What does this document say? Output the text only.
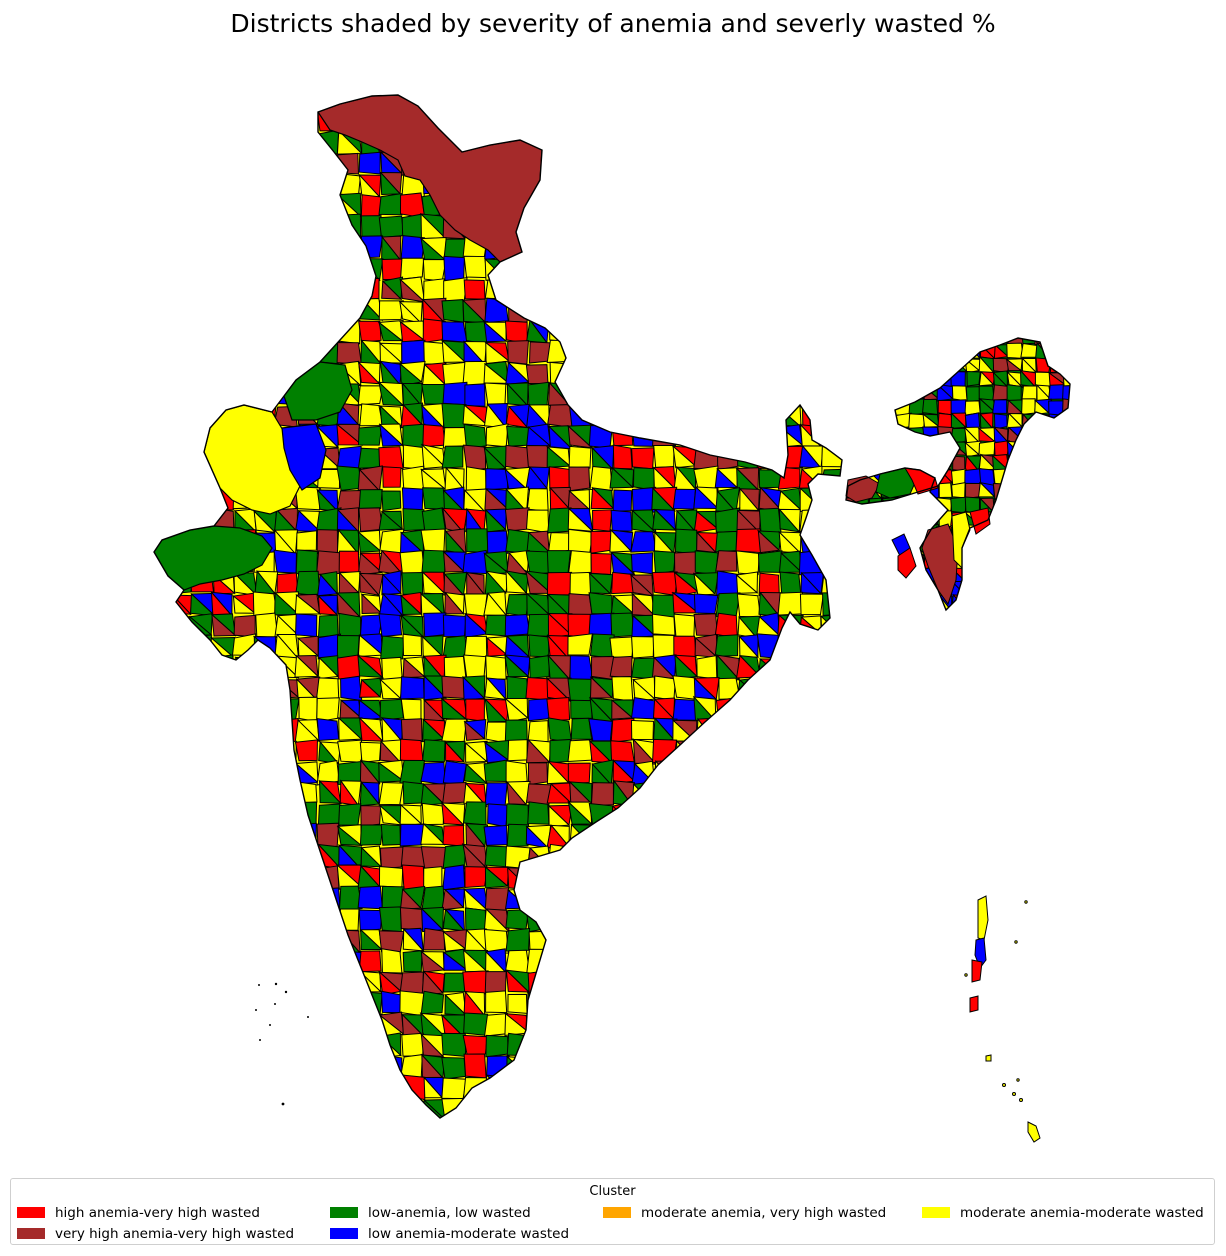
Districts shaded by severity of anemia and severly wasted %
Cluster
high anemia-very high wasted
very high anemia-very high wasted
low-anemia, low wasted
low anemia-moderate wasted
moderate anemia, very high wasted	moderate anemia-moderate wasted
